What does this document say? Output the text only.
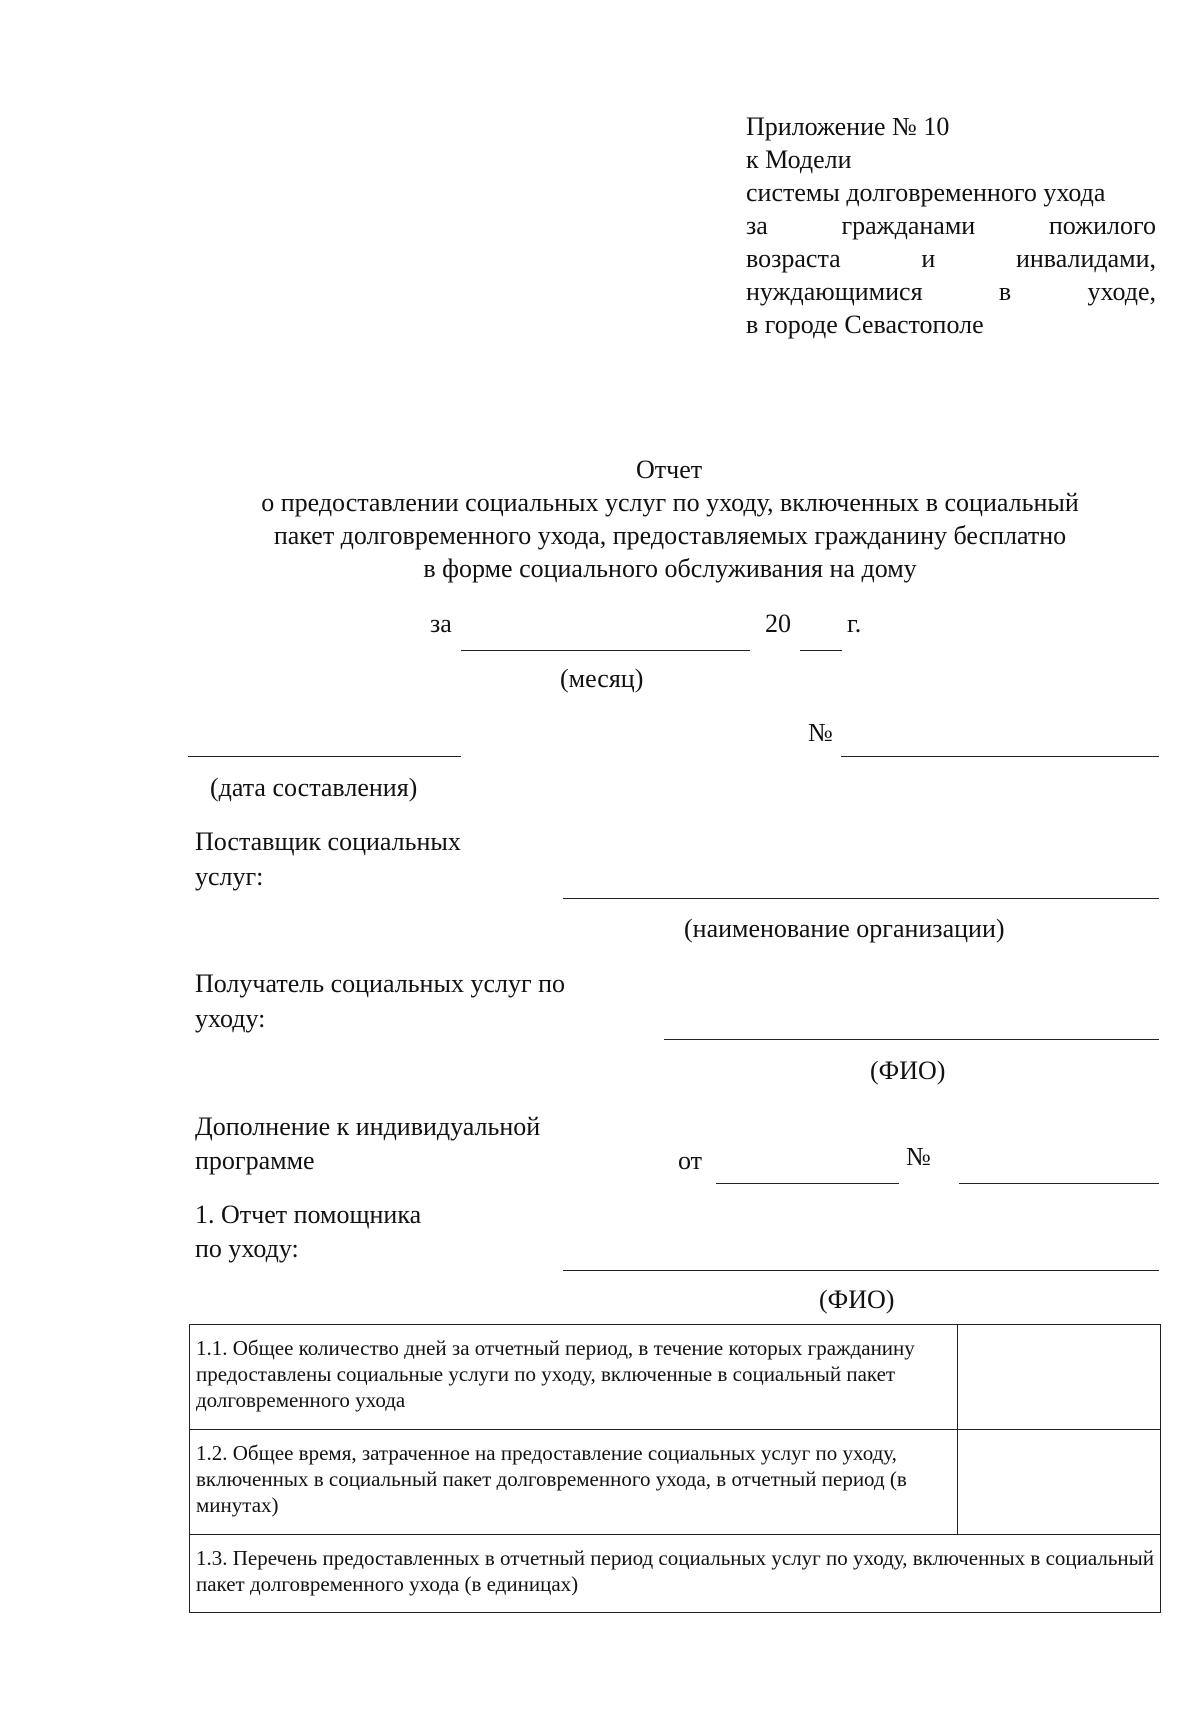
Приложение № 10
к Модели
системы долговременного ухода
за	гражданами	пожилого
возраста	и	инвалидами,
нуждающимися	в	уходе,
в городе Севастополе
Отчет
о предоставлении социальных услуг по уходу, включенных в социальный
пакет долговременного ухода, предоставляемых гражданину бесплатно
в форме социального обслуживания на дому
за	20 г.
(месяц)
№
(дата составления)
Поставщик социальных
услуг:
(наименование организации)
Получатель социальных услуг по
уходу:
(ФИО)
Дополнение к индивидуальной
программе	от	№
1. Отчет помощника
по уходу:
(ФИО)
1.1. Общее количество дней за отчетный период, в течение которых гражданину предоставлены социальные услуги по уходу, включенные в социальный пакет долговременного ухода	
1.2. Общее время, затраченное на предоставление социальных услуг по уходу, включенных в социальный пакет долговременного ухода, в отчетный период (в минутах)	
1.3. Перечень предоставленных в отчетный период социальных услуг по уходу, включенных в социальный пакет долговременного ухода (в единицах)	
